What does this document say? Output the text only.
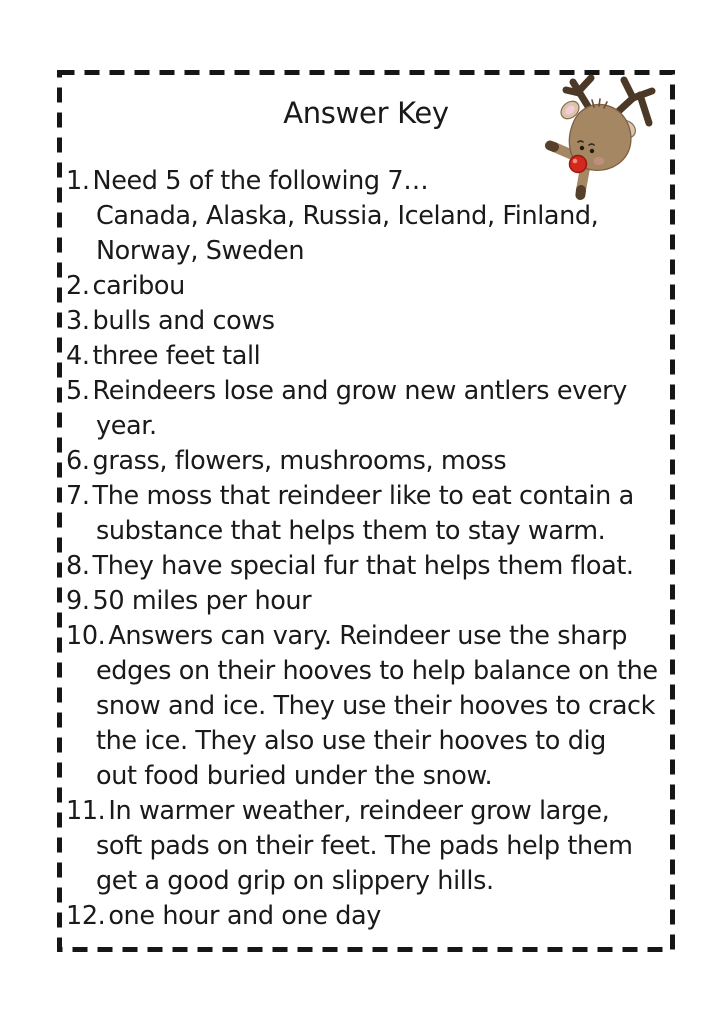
Answer Key
1. Need 5 of the following 7…
Canada, Alaska, Russia, Iceland, Finland,
Norway, Sweden
2. caribou
3. bulls and cows
4. three feet tall
5. Reindeers lose and grow new antlers every
year.
6. grass, flowers, mushrooms, moss
7. The moss that reindeer like to eat contain a
substance that helps them to stay warm.
8. They have special fur that helps them float.
9. 50 miles per hour
10. Answers can vary. Reindeer use the sharp
edges on their hooves to help balance on the
snow and ice. They use their hooves to crack
the ice. They also use their hooves to dig
out food buried under the snow.
11. In warmer weather, reindeer grow large,
soft pads on their feet. The pads help them
get a good grip on slippery hills.
12. one hour and one day
